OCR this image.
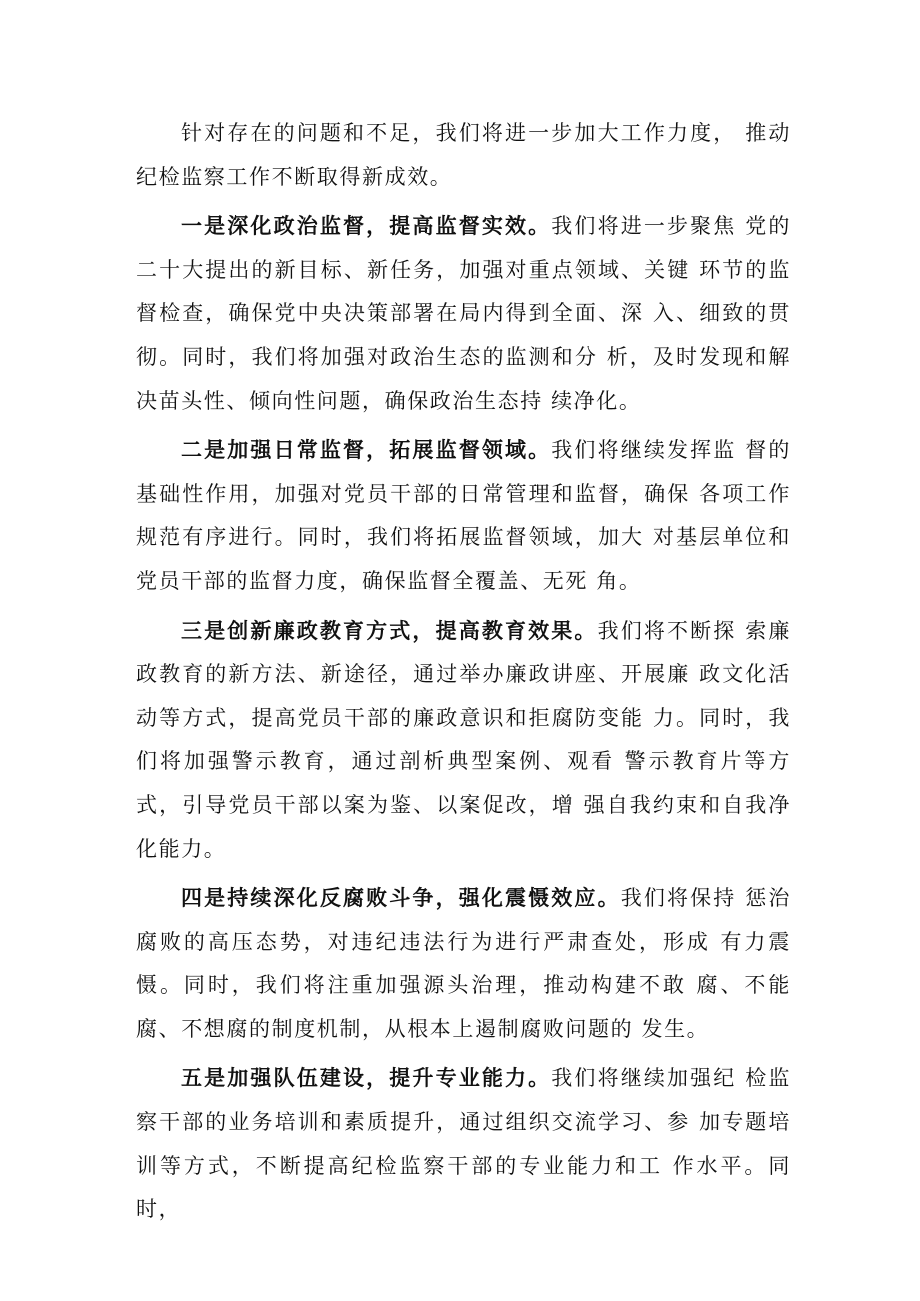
针对存在的问题和不足，我们将进一步加大工作力度， 推动纪检监察工作不断取得新成效。

一是深化政治监督，提高监督实效。我们将进一步聚焦 党的二十大提出的新目标、新任务，加强对重点领域、关键 环节的监督检查，确保党中央决策部署在局内得到全面、深 入、细致的贯彻。同时，我们将加强对政治生态的监测和分 析，及时发现和解决苗头性、倾向性问题，确保政治生态持 续净化。

二是加强日常监督，拓展监督领域。我们将继续发挥监 督的基础性作用，加强对党员干部的日常管理和监督，确保 各项工作规范有序进行。同时，我们将拓展监督领域，加大 对基层单位和党员干部的监督力度，确保监督全覆盖、无死 角。

三是创新廉政教育方式，提高教育效果。我们将不断探 索廉政教育的新方法、新途径，通过举办廉政讲座、开展廉 政文化活动等方式，提高党员干部的廉政意识和拒腐防变能 力。同时，我们将加强警示教育，通过剖析典型案例、观看 警示教育片等方式，引导党员干部以案为鉴、以案促改，增 强自我约束和自我净化能力。

四是持续深化反腐败斗争，强化震慑效应。我们将保持 惩治腐败的高压态势，对违纪违法行为进行严肃查处，形成 有力震慑。同时，我们将注重加强源头治理，推动构建不敢 腐、不能腐、不想腐的制度机制，从根本上遏制腐败问题的 发生。

五是加强队伍建设，提升专业能力。我们将继续加强纪 检监察干部的业务培训和素质提升，通过组织交流学习、参 加专题培训等方式，不断提高纪检监察干部的专业能力和工 作水平。同时，
